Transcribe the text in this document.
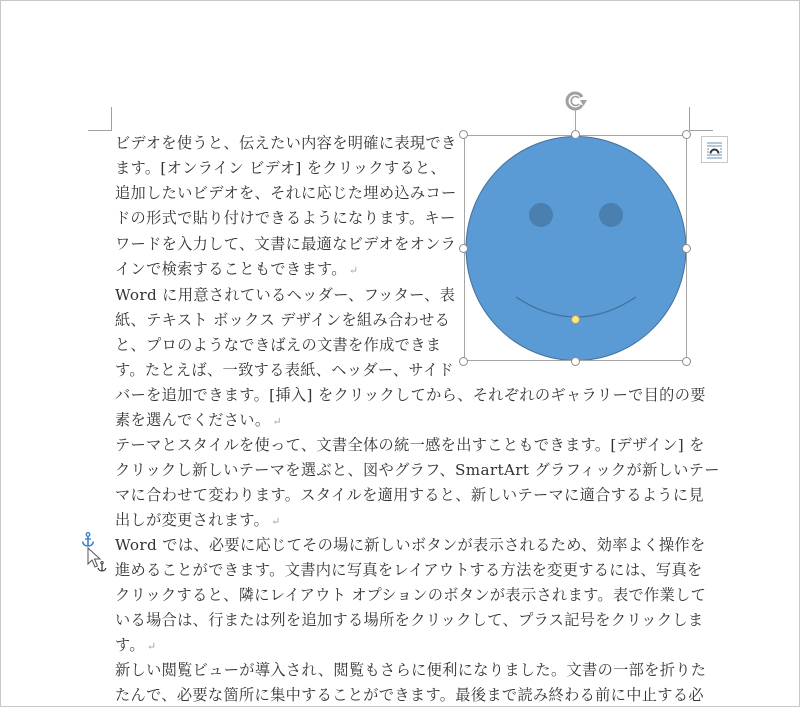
ビデオを使うと、伝えたい内容を明確に表現でき
ます。[オンライン ビデオ] をクリックすると、
追加したいビデオを、それに応じた埋め込みコー
ドの形式で貼り付けできるようになります。キー
ワードを入力して、文書に最適なビデオをオンラ
インで検索することもできます。 ↵
Word に用意されているヘッダー、フッター、表
紙、テキスト ボックス デザインを組み合わせる
と、プロのようなできばえの文書を作成できま
す。たとえば、一致する表紙、ヘッダー、サイド
バーを追加できます。[挿入] をクリックしてから、それぞれのギャラリーで目的の要
素を選んでください。 ↵
テーマとスタイルを使って、文書全体の統一感を出すこともできます。[デザイン] を
クリックし新しいテーマを選ぶと、図やグラフ、SmartArt グラフィックが新しいテー
マに合わせて変わります。スタイルを適用すると、新しいテーマに適合するように見
出しが変更されます。 ↵
Word では、必要に応じてその場に新しいボタンが表示されるため、効率よく操作を
進めることができます。文書内に写真をレイアウトする方法を変更するには、写真を
クリックすると、隣にレイアウト オプションのボタンが表示されます。表で作業して
いる場合は、行または列を追加する場所をクリックして、プラス記号をクリックしま
す。 ↵
新しい閲覧ビューが導入され、閲覧もさらに便利になりました。文書の一部を折りた
たんで、必要な箇所に集中することができます。最後まで読み終わる前に中止する必
